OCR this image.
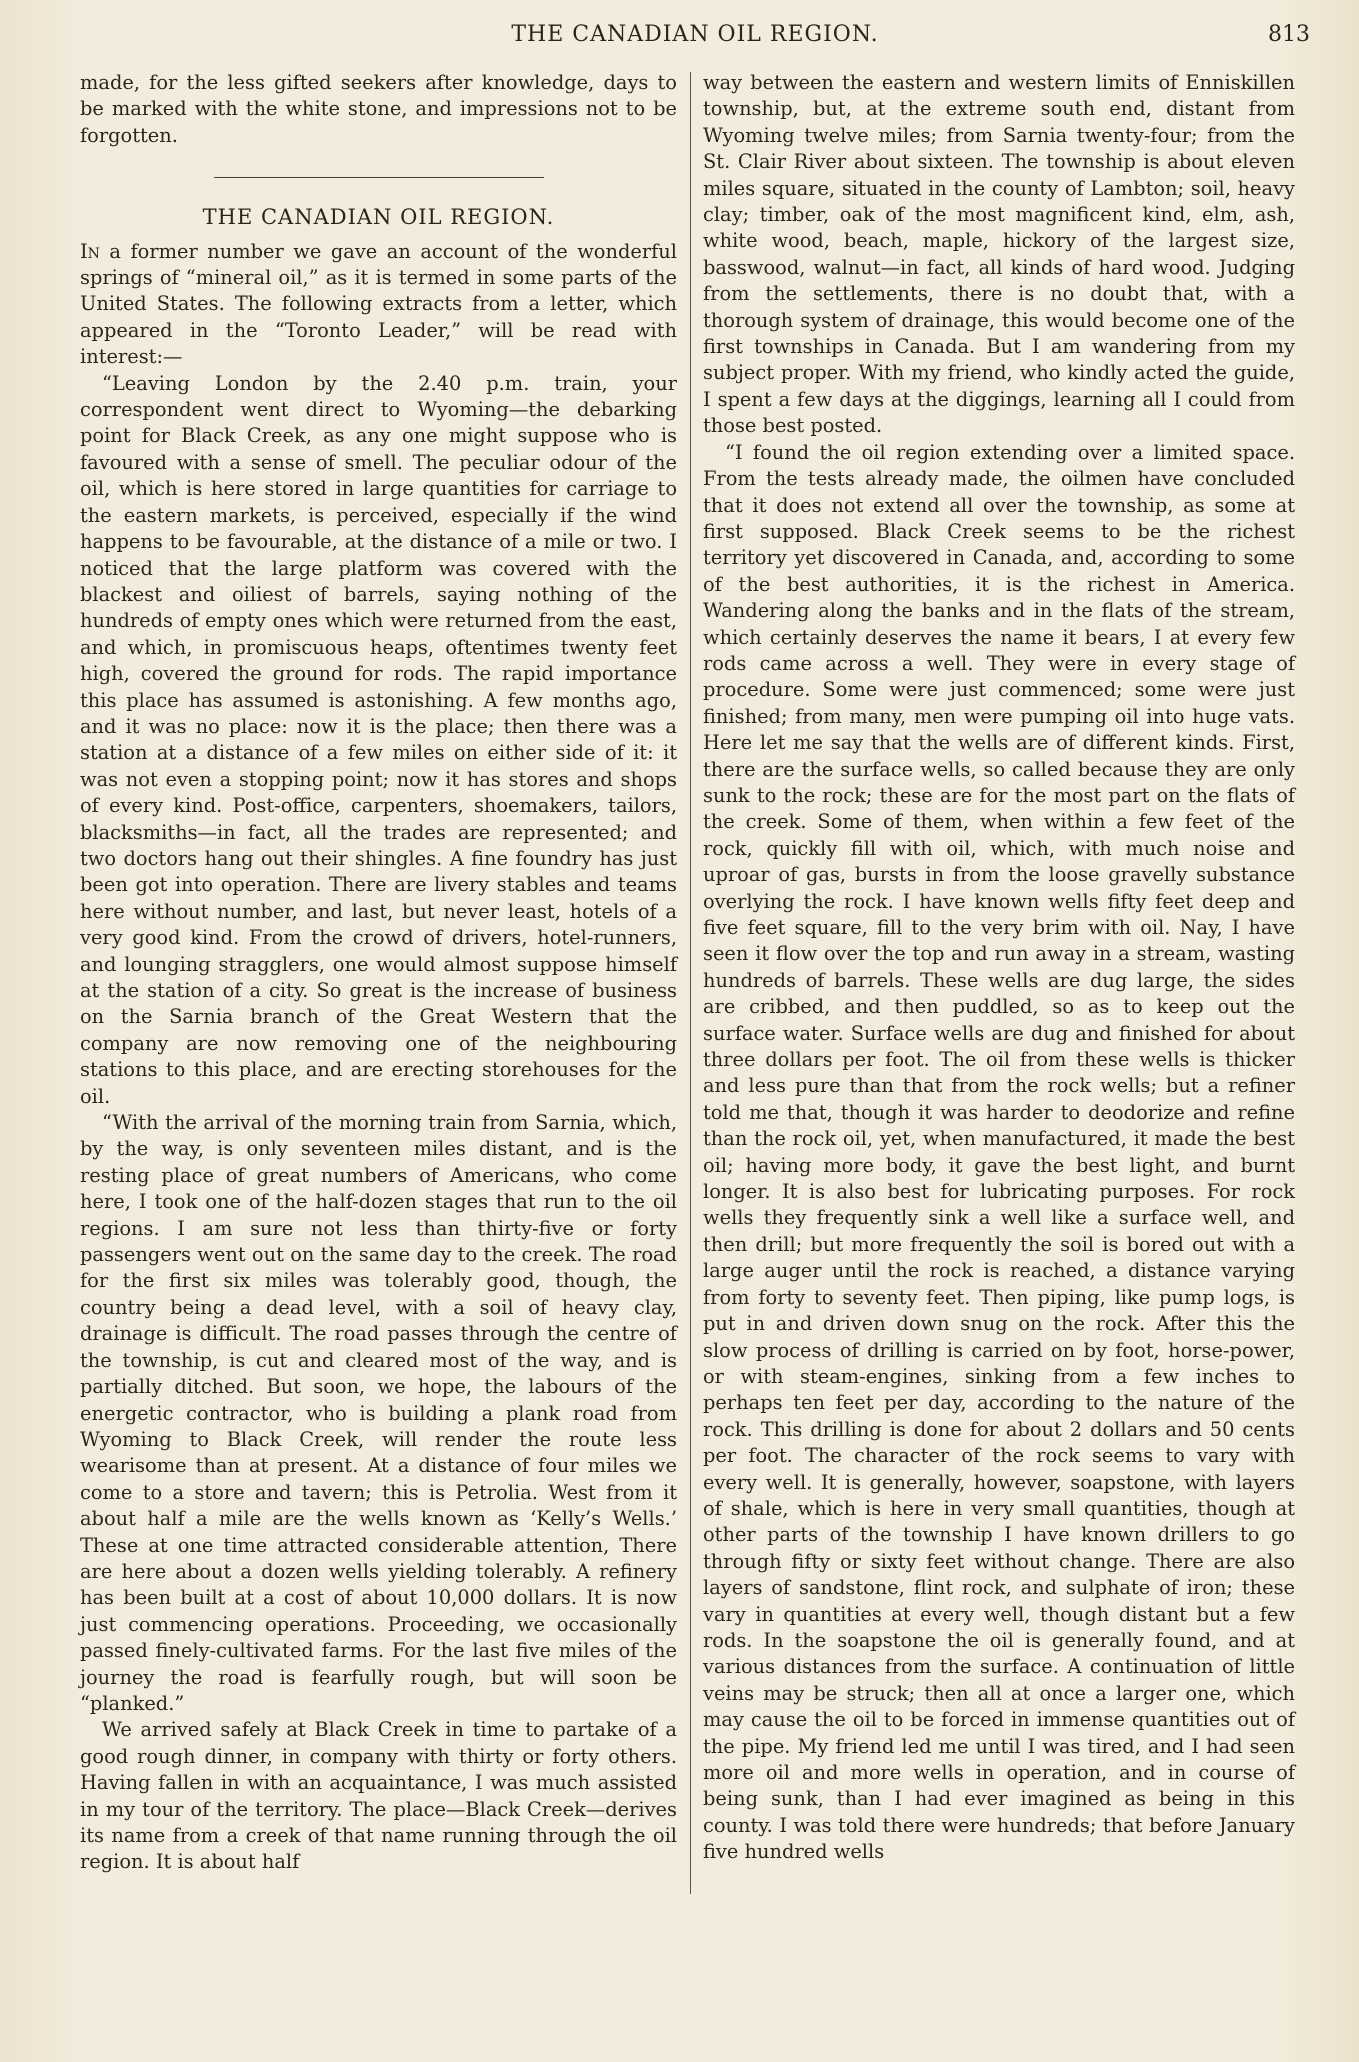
THE CANADIAN OIL REGION.	813

made, for the less gifted seekers after knowledge, days to be marked with the white stone, and impressions not to be forgotten.

THE CANADIAN OIL REGION.

In a former number we gave an account of the wonderful springs of “mineral oil,” as it is termed in some parts of the United States. The following extracts from a letter, which appeared in the “Toronto Leader,” will be read with interest:—

“Leaving London by the 2.40 p.m. train, your correspondent went direct to Wyoming—the debarking point for Black Creek, as any one might suppose who is favoured with a sense of smell. The peculiar odour of the oil, which is here stored in large quantities for carriage to the eastern markets, is perceived, especially if the wind happens to be favourable, at the distance of a mile or two. I noticed that the large platform was covered with the blackest and oiliest of barrels, saying nothing of the hundreds of empty ones which were returned from the east, and which, in promiscuous heaps, oftentimes twenty feet high, covered the ground for rods. The rapid importance this place has assumed is astonishing. A few months ago, and it was no place: now it is the place; then there was a station at a distance of a few miles on either side of it: it was not even a stopping point; now it has stores and shops of every kind. Post-office, carpenters, shoemakers, tailors, blacksmiths—in fact, all the trades are represented; and two doctors hang out their shingles. A fine foundry has just been got into operation. There are livery stables and teams here without number, and last, but never least, hotels of a very good kind. From the crowd of drivers, hotel-runners, and lounging stragglers, one would almost suppose himself at the station of a city. So great is the increase of business on the Sarnia branch of the Great Western that the company are now removing one of the neighbouring stations to this place, and are erecting storehouses for the oil.

“With the arrival of the morning train from Sarnia, which, by the way, is only seventeen miles distant, and is the resting place of great numbers of Americans, who come here, I took one of the half-dozen stages that run to the oil regions. I am sure not less than thirty-five or forty passengers went out on the same day to the creek. The road for the first six miles was tolerably good, though, the country being a dead level, with a soil of heavy clay, drainage is difficult. The road passes through the centre of the township, is cut and cleared most of the way, and is partially ditched. But soon, we hope, the labours of the energetic contractor, who is building a plank road from Wyoming to Black Creek, will render the route less wearisome than at present. At a distance of four miles we come to a store and tavern; this is Petrolia. West from it about half a mile are the wells known as ‘Kelly’s Wells.’ These at one time attracted considerable attention, There are here about a dozen wells yielding tolerably. A refinery has been built at a cost of about 10,000 dollars. It is now just commencing operations. Proceeding, we occasionally passed finely-cultivated farms. For the last five miles of the journey the road is fearfully rough, but will soon be “planked.”

We arrived safely at Black Creek in time to partake of a good rough dinner, in company with thirty or forty others. Having fallen in with an acquaintance, I was much assisted in my tour of the territory. The place—Black Creek—derives its name from a creek of that name running through the oil region. It is about half

way between the eastern and western limits of Enniskillen township, but, at the extreme south end, distant from Wyoming twelve miles; from Sarnia twenty-four; from the St. Clair River about sixteen. The township is about eleven miles square, situated in the county of Lambton; soil, heavy clay; timber, oak of the most magnificent kind, elm, ash, white wood, beach, maple, hickory of the largest size, basswood, walnut—in fact, all kinds of hard wood. Judging from the settlements, there is no doubt that, with a thorough system of drainage, this would become one of the first townships in Canada. But I am wandering from my subject proper. With my friend, who kindly acted the guide, I spent a few days at the diggings, learning all I could from those best posted.

“I found the oil region extending over a limited space. From the tests already made, the oilmen have concluded that it does not extend all over the township, as some at first supposed. Black Creek seems to be the richest territory yet discovered in Canada, and, according to some of the best authorities, it is the richest in America. Wandering along the banks and in the flats of the stream, which certainly deserves the name it bears, I at every few rods came across a well. They were in every stage of procedure. Some were just commenced; some were just finished; from many, men were pumping oil into huge vats. Here let me say that the wells are of different kinds. First, there are the surface wells, so called because they are only sunk to the rock; these are for the most part on the flats of the creek. Some of them, when within a few feet of the rock, quickly fill with oil, which, with much noise and uproar of gas, bursts in from the loose gravelly substance overlying the rock. I have known wells fifty feet deep and five feet square, fill to the very brim with oil. Nay, I have seen it flow over the top and run away in a stream, wasting hundreds of barrels. These wells are dug large, the sides are cribbed, and then puddled, so as to keep out the surface water. Surface wells are dug and finished for about three dollars per foot. The oil from these wells is thicker and less pure than that from the rock wells; but a refiner told me that, though it was harder to deodorize and refine than the rock oil, yet, when manufactured, it made the best oil; having more body, it gave the best light, and burnt longer. It is also best for lubricating purposes. For rock wells they frequently sink a well like a surface well, and then drill; but more frequently the soil is bored out with a large auger until the rock is reached, a distance varying from forty to seventy feet. Then piping, like pump logs, is put in and driven down snug on the rock. After this the slow process of drilling is carried on by foot, horse-power, or with steam-engines, sinking from a few inches to perhaps ten feet per day, according to the nature of the rock. This drilling is done for about 2 dollars and 50 cents per foot. The character of the rock seems to vary with every well. It is generally, however, soapstone, with layers of shale, which is here in very small quantities, though at other parts of the township I have known drillers to go through fifty or sixty feet without change. There are also layers of sandstone, flint rock, and sulphate of iron; these vary in quantities at every well, though distant but a few rods. In the soapstone the oil is generally found, and at various distances from the surface. A continuation of little veins may be struck; then all at once a larger one, which may cause the oil to be forced in immense quantities out of the pipe. My friend led me until I was tired, and I had seen more oil and more wells in operation, and in course of being sunk, than I had ever imagined as being in this county. I was told there were hundreds; that before January five hundred wells
